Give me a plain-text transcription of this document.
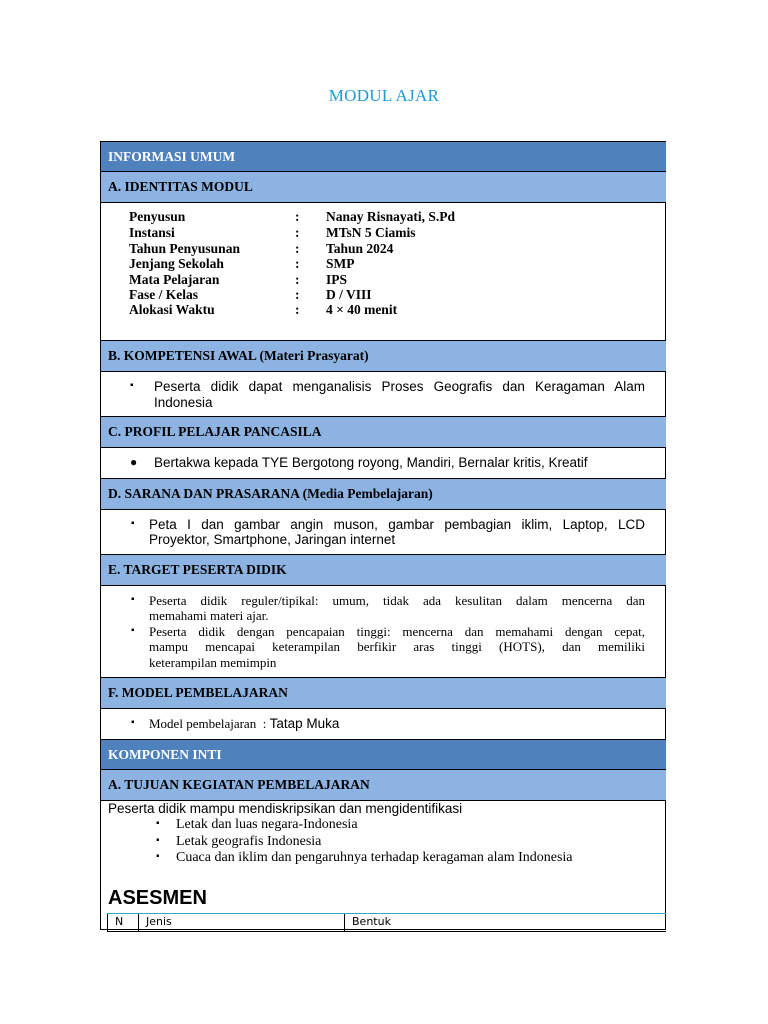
MODUL AJAR
INFORMASI UMUM
A. IDENTITAS MODUL
Penyusun	: Nanay Risnayati, S.Pd
Instansi	: MTsN 5 Ciamis
Tahun Penyusunan	: Tahun 2024
Jenjang Sekolah	: SMP
Mata Pelajaran	: IPS
Fase / Kelas	: D / VIII
Alokasi Waktu	: 4 × 40 menit
B. KOMPETENSI AWAL (Materi Prasyarat)
▪ Peserta didik dapat menganalisis Proses Geografis dan Keragaman Alam
Indonesia
C. PROFIL PELAJAR PANCASILA
● Bertakwa kepada TYE Bergotong royong, Mandiri, Bernalar kritis, Kreatif
D. SARANA DAN PRASARANA (Media Pembelajaran)
▪ Peta I dan gambar angin muson, gambar pembagian iklim, Laptop, LCD
Proyektor, Smartphone, Jaringan internet
E. TARGET PESERTA DIDIK
▪ Peserta didik reguler/tipikal: umum, tidak ada kesulitan dalam mencerna dan
memahami materi ajar.
▪ Peserta didik dengan pencapaian tinggi: mencerna dan memahami dengan cepat,
mampu mencapai keterampilan berfikir aras tinggi (HOTS), dan memiliki
keterampilan memimpin
F. MODEL PEMBELAJARAN
▪ Model pembelajaran  : Tatap Muka
KOMPONEN INTI
A. TUJUAN KEGIATAN PEMBELAJARAN
Peserta didik mampu mendiskripsikan dan mengidentifikasi
▪ Letak dan luas negara-Indonesia
▪ Letak geografis Indonesia
▪ Cuaca dan iklim dan pengaruhnya terhadap keragaman alam Indonesia
ASESMEN
N	Jenis	Bentuk
